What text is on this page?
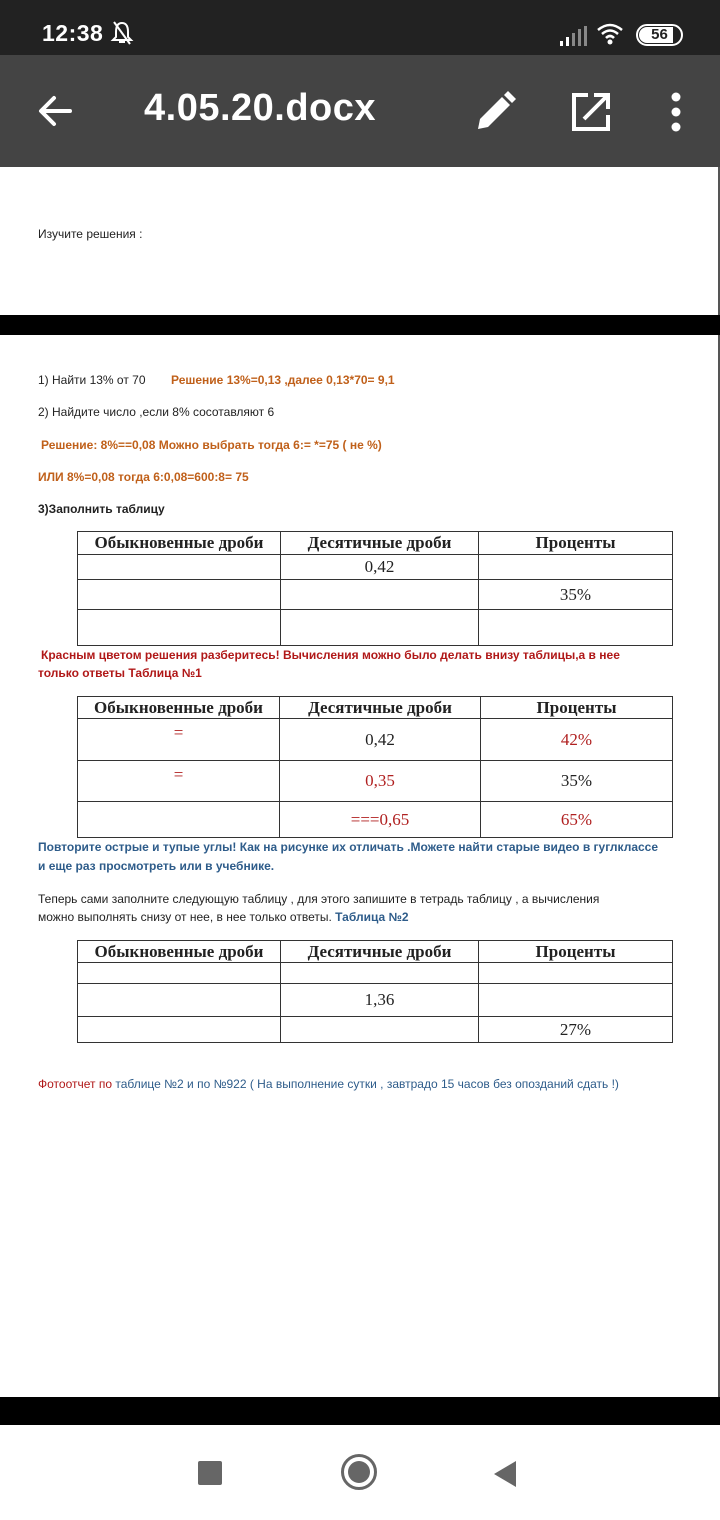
12:38	56
4.05.20.docx
Изучите решения :
1) Найти 13% от 70 Решение 13%=0,13 ,далее 0,13*70= 9,1
2) Найдите число ,если 8% сосотавляют 6
Решение: 8%==0,08 Можно выбрать тогда 6:= *=75 ( не %)
ИЛИ 8%=0,08 тогда 6:0,08=600:8= 75
3)Заполнить таблицу
Обыкновенные дроби	Десятичные дроби	Проценты
	0,42	
		35%

Красным цветом решения разберитесь! Вычисления можно было делать внизу таблицы,а в нее
только ответы Таблица №1
Обыкновенные дроби	Десятичные дроби	Проценты
=	0,42	42%
=	0,35	35%
	===0,65	65%
Повторите острые и тупые углы! Как на рисунке их отличать .Можете найти старые видео в гуглклассе
и еще раз просмотреть или в учебнике.
Теперь сами заполните следующую таблицу , для этого запишите в тетрадь таблицу , а вычисления
можно выполнять снизу от нее, в нее только ответы. Таблица №2
Обыкновенные дроби	Десятичные дроби	Проценты

	1,36	
		27%
Фотоотчет по таблице №2 и по №922 ( На выполнение сутки , завтрадо 15 часов без опозданий сдать !)
